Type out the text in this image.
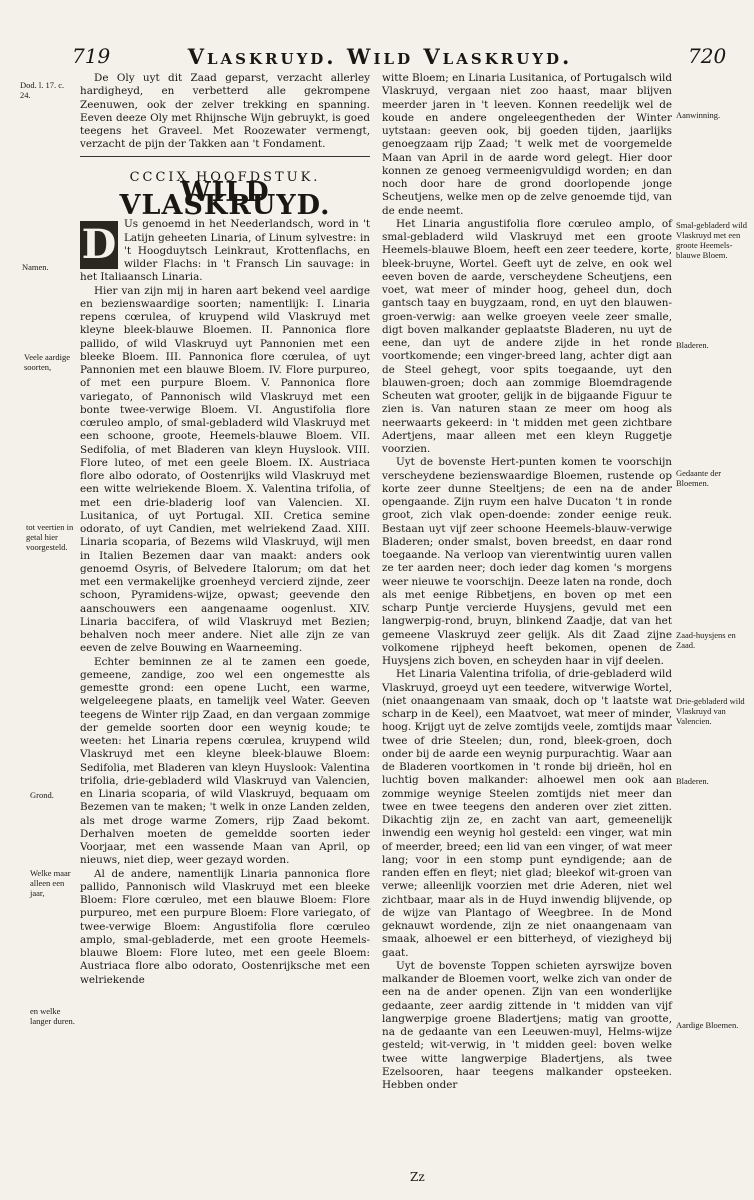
719	Vlaskruyd. Wild Vlaskruyd.	720
Dod. l. 17. c. 24.
Namen.
Veele aardige soorten,
tot veertien in getal hier voorgesteld.
Grond.
Welke maar alleen een jaar,
en welke langer duren.
Aanwinning.
Smal-gebladerd wild Vlaskruyd met een groote Heemels-blauwe Bloem.
Bladeren.
Gedaante der Bloemen.
Zaad-huysjens en Zaad.
Drie-gebladerd wild Vlaskruyd van Valencien.
Bladeren.
Aardige Bloemen.

De Oly uyt dit Zaad geparst, verzacht allerley hardigheyd, en verbetterd alle gekrompene Zeenuwen, ook der zelver trekking en spanning. Eeven deeze Oly met Rhijnsche Wijn gebruykt, is goed teegens het Graveel. Met Roozewater vermengt, verzacht de pijn der Takken aan 't Fondament.

CCCIX HOOFDSTUK.
WILD VLASKRUYD.

D Us genoemd in het Neederlandsch, word in 't Latijn geheeten Linaria, of Linum sylvestre: in 't Hoogduytsch Leinkraut, Krottenflachs, en wilder Flachs: in 't Fransch Lin sauvage: in het Italiaansch Linaria.

Hier van zijn mij in haren aart bekend veel aardige en bezienswaardige soorten; namentlijk: I. Linaria repens cœrulea, of kruypend wild Vlaskruyd met kleyne bleek-blauwe Bloemen. II. Pannonica flore pallido, of wild Vlaskruyd uyt Pannonien met een bleeke Bloem. III. Pannonica flore cœrulea, of uyt Pannonien met een blauwe Bloem. IV. Flore purpureo, of met een purpure Bloem. V. Pannonica flore variegato, of Pannonisch wild Vlaskruyd met een bonte twee-verwige Bloem. VI. Angustifolia flore cœruleo amplo, of smal-gebladerd wild Vlaskruyd met een schoone, groote, Heemels-blauwe Bloem. VII. Sedifolia, of met Bladeren van kleyn Huyslook. VIII. Flore luteo, of met een geele Bloem. IX. Austriaca flore albo odorato, of Oostenrijks wild Vlaskruyd met een witte welriekende Bloem. X. Valentina trifolia, of met een drie-bladerig loof van Valencien. XI. Lusitanica, of uyt Portugal. XII. Cretica semine odorato, of uyt Candien, met welriekend Zaad. XIII. Linaria scoparia, of Bezems wild Vlaskruyd, wijl men in Italien Bezemen daar van maakt: anders ook genoemd Osyris, of Belvedere Italorum; om dat het met een vermakelijke groenheyd vercierd zijnde, zeer schoon, Pyramidens-wijze, opwast; geevende den aanschouwers een aangenaame oogenlust. XIV. Linaria baccifera, of wild Vlaskruyd met Bezien; behalven noch meer andere. Niet alle zijn ze van eeven de zelve Bouwing en Waarneeming.

Echter beminnen ze al te zamen een goede, gemeene, zandige, zoo wel een ongemestte als gemestte grond: een opene Lucht, een warme, welgeleegene plaats, en tamelijk veel Water. Geeven teegens de Winter rijp Zaad, en dan vergaan zommige der gemelde soorten door een weynig koude; te weeten: het Linaria repens cœrulea, kruypend wild Vlaskruyd met een kleyne bleek-blauwe Bloem: Sedifolia, met Bladeren van kleyn Huyslook: Valentina trifolia, drie-gebladerd wild Vlaskruyd van Valencien, en Linaria scoparia, of wild Vlaskruyd, bequaam om Bezemen van te maken; 't welk in onze Landen zelden, als met droge warme Zomers, rijp Zaad bekomt. Derhalven moeten de gemeldde soorten ieder Voorjaar, met een wassende Maan van April, op nieuws, niet diep, weer gezayd worden.

Al de andere, namentlijk Linaria pannonica flore pallido, Pannonisch wild Vlaskruyd met een bleeke Bloem: Flore cœruleo, met een blauwe Bloem: Flore purpureo, met een purpure Bloem: Flore variegato, of twee-verwige Bloem: Angustifolia flore cœruleo amplo, smal-gebladerde, met een groote Heemels-blauwe Bloem: Flore luteo, met een geele Bloem: Austriaca flore albo odorato, Oostenrijksche met een welriekende

witte Bloem; en Linaria Lusitanica, of Portugalsch wild Vlaskruyd, vergaan niet zoo haast, maar blijven meerder jaren in 't leeven. Konnen reedelijk wel de koude en andere ongeleegentheden der Winter uytstaan: geeven ook, bij goeden tijden, jaarlijks genoegzaam rijp Zaad; 't welk met de voorgemelde Maan van April in de aarde word gelegt. Hier door konnen ze genoeg vermeenigvuldigd worden; en dan noch door hare de grond doorlopende jonge Scheutjens, welke men op de zelve genoemde tijd, van de ende neemt.

Het Linaria angustifolia flore cœruleo amplo, of smal-gebladerd wild Vlaskruyd met een groote Heemels-blauwe Bloem, heeft een zeer teedere, korte, bleek-bruyne, Wortel. Geeft uyt de zelve, en ook wel eeven boven de aarde, verscheydene Scheutjens, een voet, wat meer of minder hoog, geheel dun, doch gantsch taay en buygzaam, rond, en uyt den blauwen-groen-verwig: aan welke groeyen veele zeer smalle, digt boven malkander geplaatste Bladeren, nu uyt de eene, dan uyt de andere zijde in het ronde voortkomende; een vinger-breed lang, achter digt aan de Steel gehegt, voor spits toegaande, uyt den blauwen-groen; doch aan zommige Bloemdragende Scheuten wat grooter, gelijk in de bijgaande Figuur te zien is. Van naturen staan ze meer om hoog als neerwaarts gekeerd: in 't midden met geen zichtbare Adertjens, maar alleen met een kleyn Ruggetje voorzien.

Uyt de bovenste Hert-punten komen te voorschijn verscheydene bezienswaardige Bloemen, rustende op korte zeer dunne Steeltjens; de een na de ander opengaande. Zijn ruym een halve Ducaton 't in ronde groot, zich vlak open-doende: zonder eenige reuk. Bestaan uyt vijf zeer schoone Heemels-blauw-verwige Bladeren; onder smalst, boven breedst, en daar rond toegaande. Na verloop van vierentwintig uuren vallen ze ter aarden neer; doch ieder dag komen 's morgens weer nieuwe te voorschijn. Deeze laten na ronde, doch als met eenige Ribbetjens, en boven op met een scharp Puntje vercierde Huysjens, gevuld met een langwerpig-rond, bruyn, blinkend Zaadje, dat van het gemeene Vlaskruyd zeer gelijk. Als dit Zaad zijne volkomene rijpheyd heeft bekomen, openen de Huysjens zich boven, en scheyden haar in vijf deelen.

Het Linaria Valentina trifolia, of drie-gebladerd wild Vlaskruyd, groeyd uyt een teedere, witverwige Wortel, (niet onaangenaam van smaak, doch op 't laatste wat scharp in de Keel), een Maatvoet, wat meer of minder, hoog. Krijgt uyt de zelve zomtijds veele, zomtijds maar twee of drie Steelen; dun, rond, bleek-groen, doch onder bij de aarde een weynig purpurachtig. Waar aan de Bladeren voortkomen in 't ronde bij drieën, hol en luchtig boven malkander: alhoewel men ook aan zommige weynige Steelen zomtijds niet meer dan twee en twee teegens den anderen over ziet zitten. Dikachtig zijn ze, en zacht van aart, gemeenelijk inwendig een weynig hol gesteld: een vinger, wat min of meerder, breed; een lid van een vinger, of wat meer lang; voor in een stomp punt eyndigende; aan de randen effen en fleyt; niet glad; bleekof wit-groen van verwe; alleenlijk voorzien met drie Aderen, niet wel zichtbaar, maar als in de Huyd inwendig blijvende, op de wijze van Plantago of Weegbree. In de Mond geknauwt wordende, zijn ze niet onaangenaam van smaak, alhoewel er een bitterheyd, of viezigheyd bij gaat.

Uyt de bovenste Toppen schieten ayrswijze boven malkander de Bloemen voort, welke zich van onder de een na de ander openen. Zijn van een wonderlijke gedaante, zeer aardig zittende in 't midden van vijf langwerpige groene Bladertjens; matig van grootte, na de gedaante van een Leeuwen-muyl, Helms-wijze gesteld; wit-verwig, in 't midden geel: boven welke twee witte langwerpige Bladertjens, als twee Ezelsooren, haar teegens malkander opsteeken. Hebben onder

Zz
